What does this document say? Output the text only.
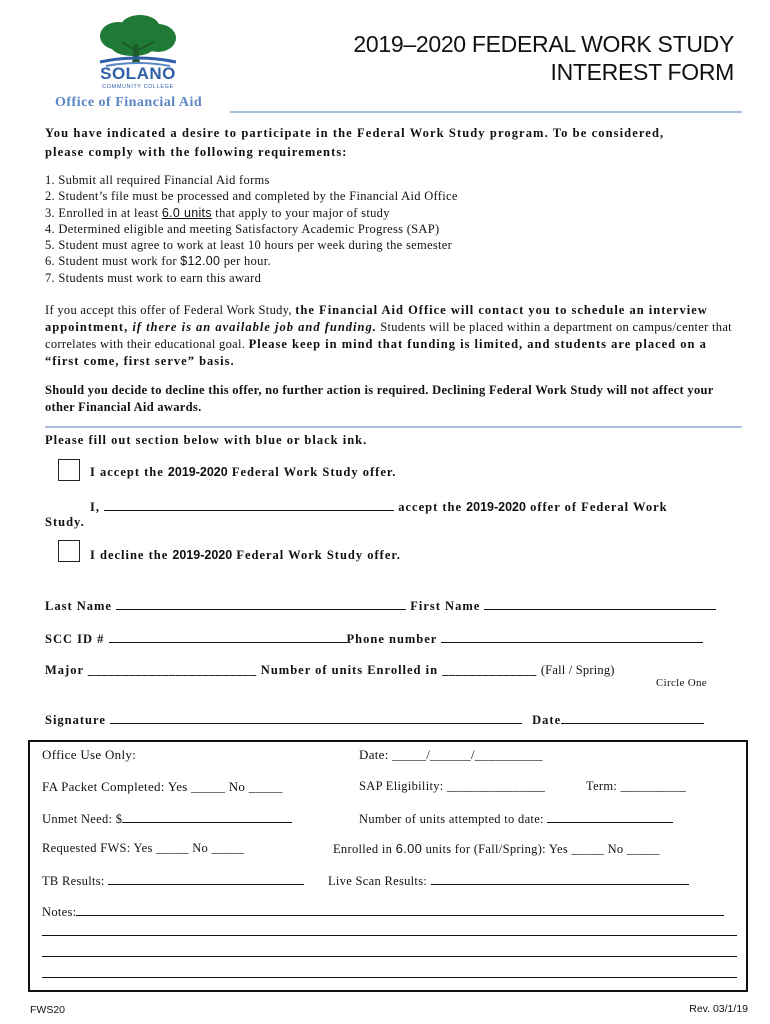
SOLANO
COMMUNITY COLLEGE
Office of Financial Aid
2019–2020 FEDERAL WORK STUDY
INTEREST FORM
You have indicated a desire to participate in the Federal Work Study program. To be considered,
please comply with the following requirements:
1. Submit all required Financial Aid forms
2. Student’s file must be processed and completed by the Financial Aid Office
3. Enrolled in at least 6.0 units that apply to your major of study
4. Determined eligible and meeting Satisfactory Academic Progress (SAP)
5. Student must agree to work at least 10 hours per week during the semester
6. Student must work for $12.00 per hour.
7. Students must work to earn this award
If you accept this offer of Federal Work Study, the Financial Aid Office will contact you to schedule an interview appointment, if there is an available job and funding. Students will be placed within a department on campus/center that correlates with their educational goal. Please keep in mind that funding is limited, and students are placed on a “first come, first serve” basis.
Should you decide to decline this offer, no further action is required. Declining Federal Work Study will not affect your other Financial Aid awards.
Please fill out section below with blue or black ink.
I accept the 2019-2020 Federal Work Study offer.
I,	accept the 2019-2020 offer of Federal Work
Study.
I decline the 2019-2020 Federal Work Study offer.
Last Name	First Name
SCC ID #	Phone number
Major _________________________ Number of units Enrolled in ______________ (Fall / Spring)
Circle One
Signature	Date
Office Use Only:	Date: _____/______/__________
FA Packet Completed: Yes _____ No _____	SAP Eligibility: _______________	Term: __________
Unmet Need: $	Number of units attempted to date:
Requested FWS: Yes _____ No _____	Enrolled in 6.00 units for (Fall/Spring): Yes _____ No _____
TB Results:	Live Scan Results:
Notes:
FWS20	Rev. 03/1/19
